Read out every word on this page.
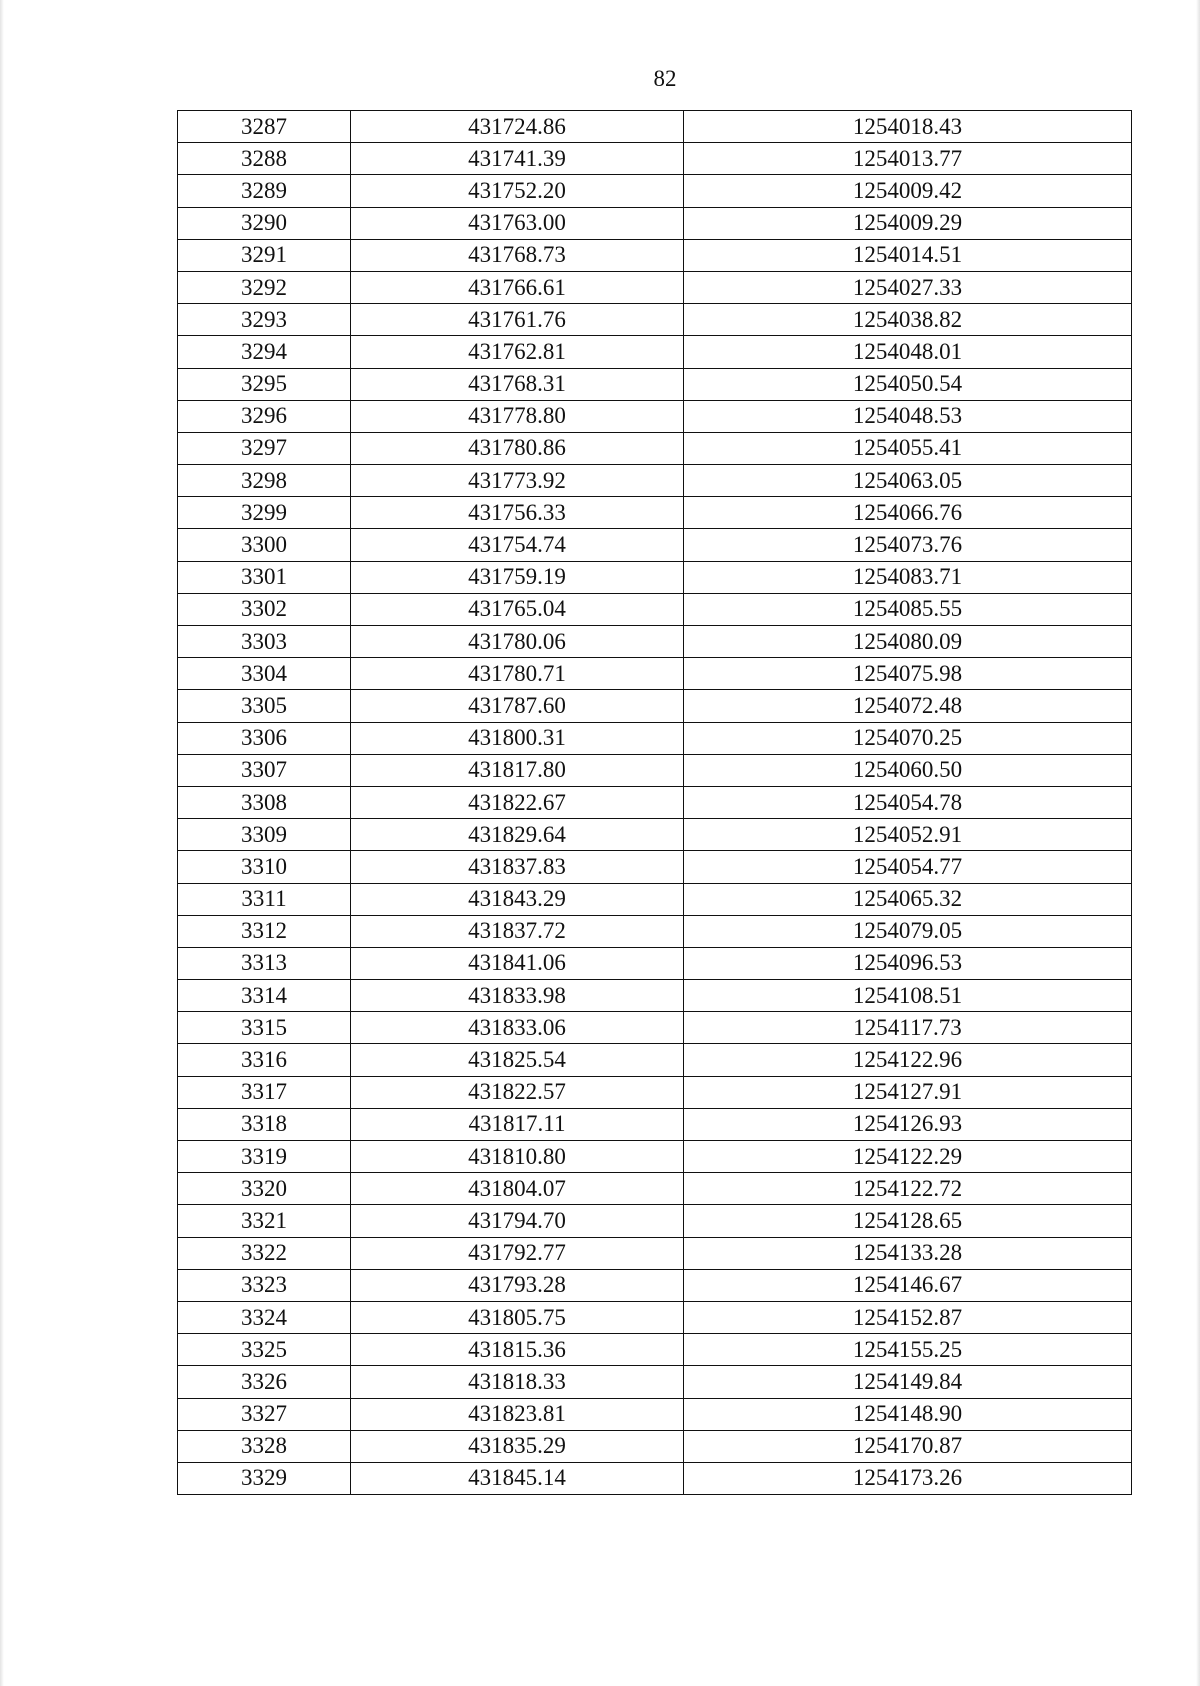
82
3287	431724.86	1254018.43
3288	431741.39	1254013.77
3289	431752.20	1254009.42
3290	431763.00	1254009.29
3291	431768.73	1254014.51
3292	431766.61	1254027.33
3293	431761.76	1254038.82
3294	431762.81	1254048.01
3295	431768.31	1254050.54
3296	431778.80	1254048.53
3297	431780.86	1254055.41
3298	431773.92	1254063.05
3299	431756.33	1254066.76
3300	431754.74	1254073.76
3301	431759.19	1254083.71
3302	431765.04	1254085.55
3303	431780.06	1254080.09
3304	431780.71	1254075.98
3305	431787.60	1254072.48
3306	431800.31	1254070.25
3307	431817.80	1254060.50
3308	431822.67	1254054.78
3309	431829.64	1254052.91
3310	431837.83	1254054.77
3311	431843.29	1254065.32
3312	431837.72	1254079.05
3313	431841.06	1254096.53
3314	431833.98	1254108.51
3315	431833.06	1254117.73
3316	431825.54	1254122.96
3317	431822.57	1254127.91
3318	431817.11	1254126.93
3319	431810.80	1254122.29
3320	431804.07	1254122.72
3321	431794.70	1254128.65
3322	431792.77	1254133.28
3323	431793.28	1254146.67
3324	431805.75	1254152.87
3325	431815.36	1254155.25
3326	431818.33	1254149.84
3327	431823.81	1254148.90
3328	431835.29	1254170.87
3329	431845.14	1254173.26
